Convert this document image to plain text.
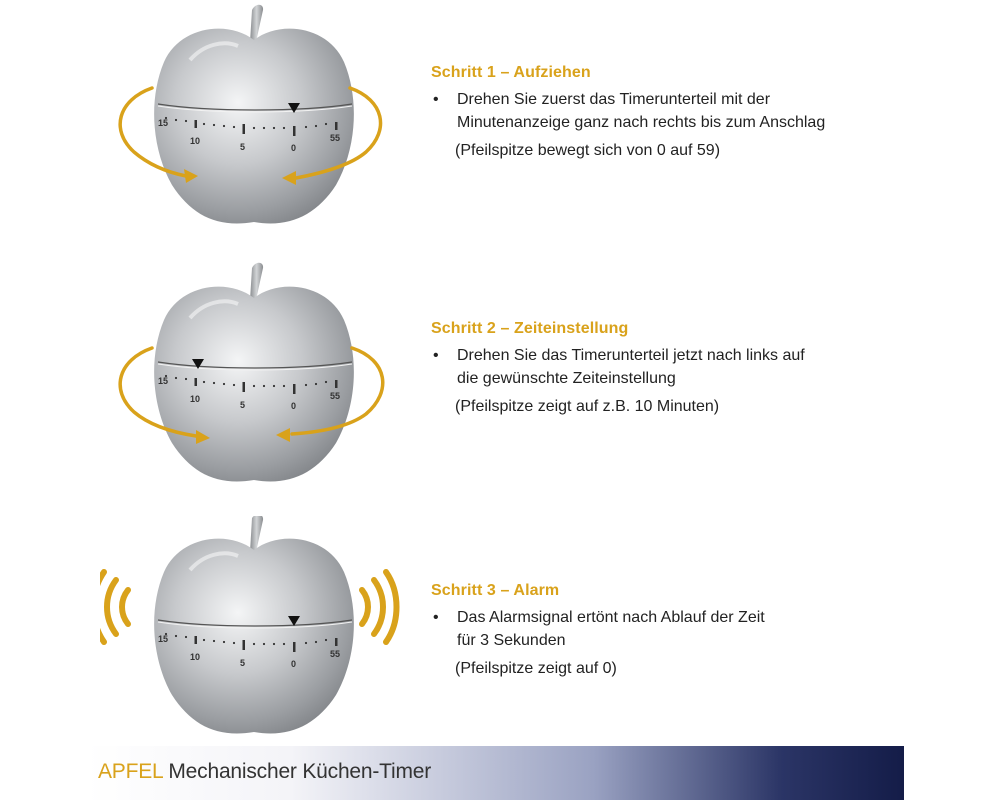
15
10
5	0
55
Schritt 1 – Aufziehen
•	Drehen Sie zuerst das Timerunterteil mit der
Minutenanzeige ganz nach rechts bis zum Anschlag
(Pfeilspitze bewegt sich von 0 auf 59)
15
10
5	0
55
Schritt 2 – Zeiteinstellung
•	Drehen Sie das Timerunterteil jetzt nach links auf
die gewünschte Zeiteinstellung
(Pfeilspitze zeigt auf z.B. 10 Minuten)
15
10
5	0
55
Schritt 3 – Alarm
•	Das Alarmsignal ertönt nach Ablauf der Zeit
für 3 Sekunden
(Pfeilspitze zeigt auf 0)
APFEL Mechanischer Küchen-Timer
